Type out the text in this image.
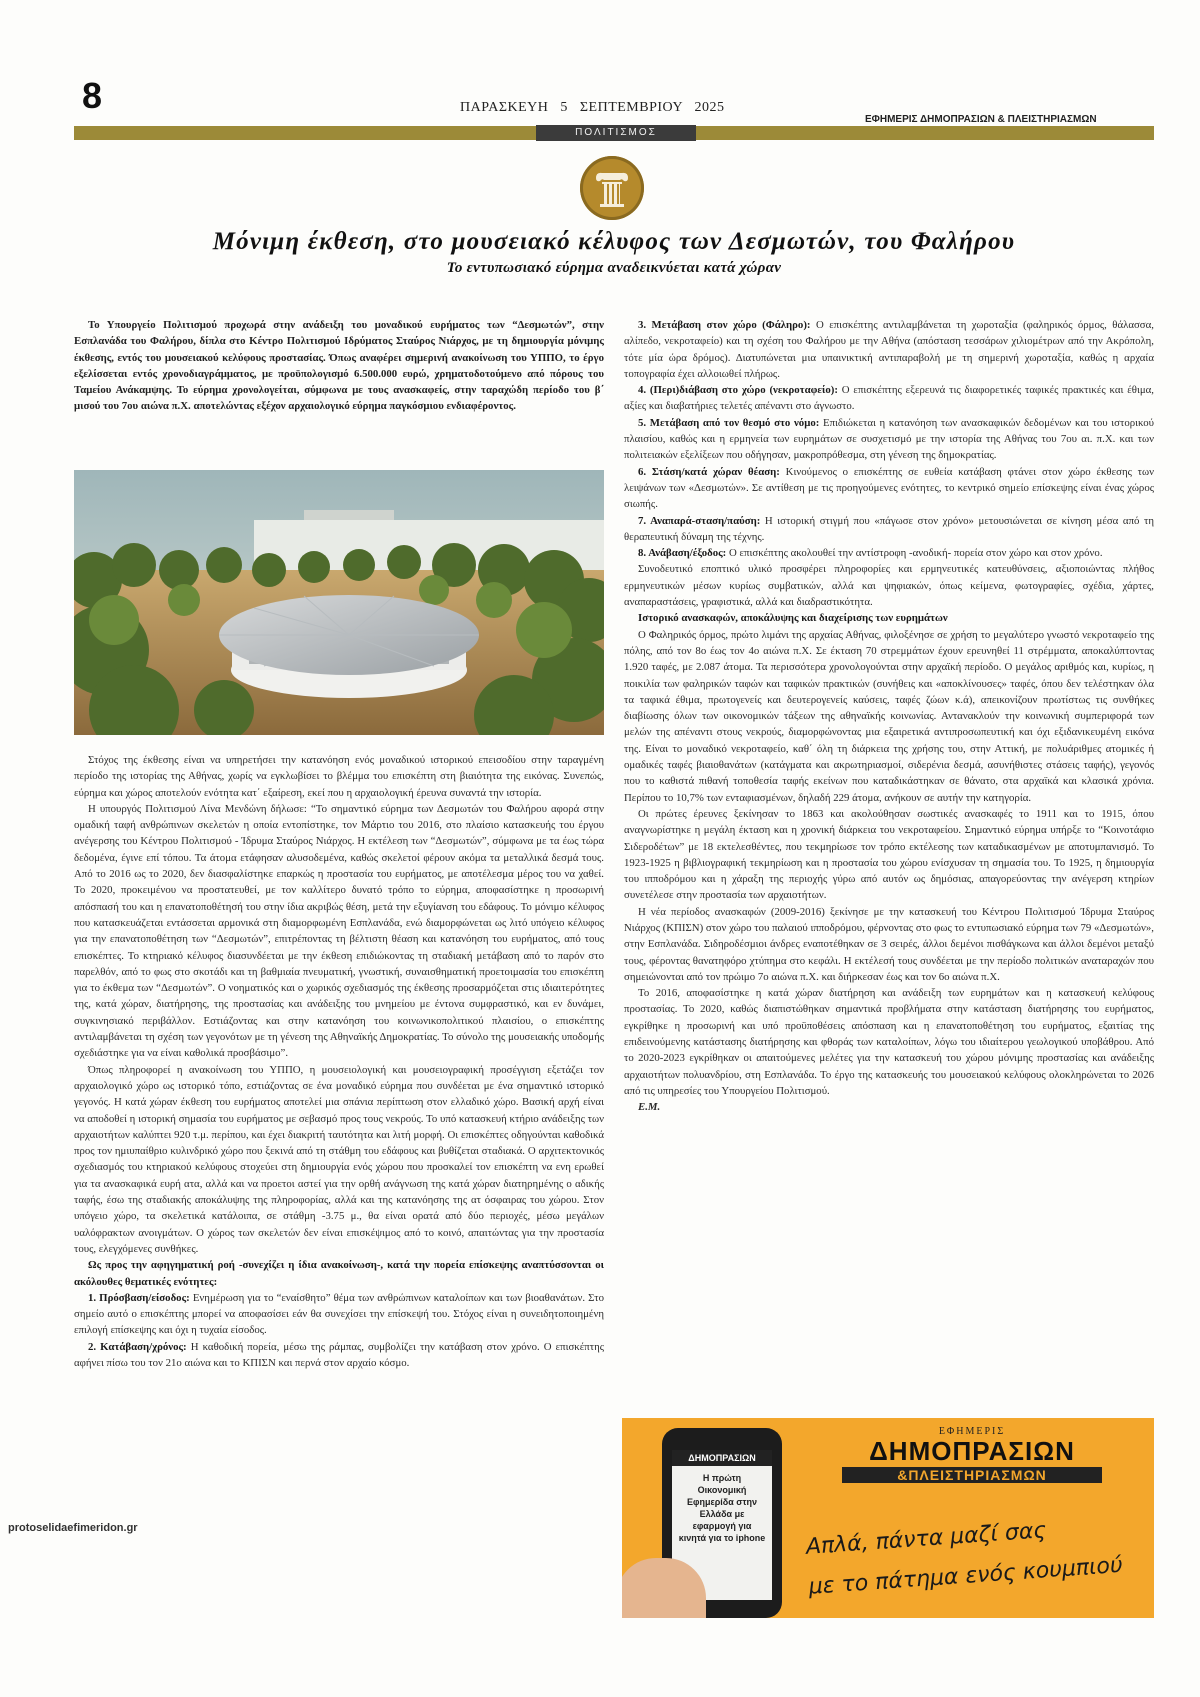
8	ΠΑΡΑΣΚΕΥΗ   5   ΣΕΠΤΕΜΒΡΙΟΥ   2025
ΕΦΗΜΕΡΙΣ ΔΗΜΟΠΡΑΣΙΩΝ & ΠΛΕΙΣΤΗΡΙΑΣΜΩΝ
ΠΟΛΙΤΙΣΜΟΣ
Μόνιμη έκθεση, στο μουσειακό κέλυφος των Δεσμωτών, του Φαλήρου
Το εντυπωσιακό εύρημα αναδεικνύεται κατά χώραν

Το Υπουργείο Πολιτισμού προχωρά στην ανάδειξη του μοναδικού ευρήματος των “Δεσμωτών”, στην Εσπλανάδα του Φαλήρου, δίπλα στο Κέντρο Πολιτισμού Ιδρύματος Σταύρος Νιάρχος, με τη δημιουργία μόνιμης έκθεσης, εντός του μουσειακού κελύφους προστασίας. Όπως αναφέρει σημερινή ανακοίνωση του ΥΠΠΟ, το έργο εξελίσσεται εντός χρονοδιαγράμματος, με προϋπολογισμό 6.500.000 ευρώ, χρηματοδοτούμενο από πόρους του Ταμείου Ανάκαμψης. Το εύρημα χρονολογείται, σύμφωνα με τους ανασκαφείς, στην ταραχώδη περίοδο του β΄ μισού του 7ου αιώνα π.Χ. αποτελώντας εξέχον αρχαιολογικό εύρημα παγκόσμιου ενδιαφέροντος.

Στόχος της έκθεσης είναι να υπηρετήσει την κατανόηση ενός μοναδικού ιστορικού επεισοδίου στην ταραγμένη περίοδο της ιστορίας της Αθήνας, χωρίς να εγκλωβίσει το βλέμμα του επισκέπτη στη βιαιότητα της εικόνας. Συνεπώς, εύρημα και χώρος αποτελούν ενότητα κατ΄ εξαίρεση, εκεί που η αρχαιολογική έρευνα συναντά την ιστορία.

Η υπουργός Πολιτισμού Λίνα Μενδώνη δήλωσε: “Το σημαντικό εύρημα των Δεσμωτών του Φαλήρου αφορά στην ομαδική ταφή ανθρώπινων σκελετών η οποία εντοπίστηκε, τον Μάρτιο του 2016, στο πλαίσιο κατασκευής του έργου ανέγερσης του Κέντρου Πολιτισμού - Ίδρυμα Σταύρος Νιάρχος. Η εκτέλεση των “Δεσμωτών”, σύμφωνα με τα έως τώρα δεδομένα, έγινε επί τόπου. Τα άτομα ετάφησαν αλυσοδεμένα, καθώς σκελετοί φέρουν ακόμα τα μεταλλικά δεσμά τους. Από το 2016 ως το 2020, δεν διασφαλίστηκε επαρκώς η προστασία του ευρήματος, με αποτέλεσμα μέρος του να χαθεί. Το 2020, προκειμένου να προστατευθεί, με τον καλλίτερο δυνατό τρόπο το εύρημα, αποφασίστηκε η προσωρινή απόσπασή του και η επανατοποθέτησή του στην ίδια ακριβώς θέση, μετά την εξυγίανση του εδάφους. Το μόνιμο κέλυφος που κατασκευάζεται εντάσσεται αρμονικά στη διαμορφωμένη Εσπλανάδα, ενώ διαμορφώνεται ως λιτό υπόγειο κέλυφος για την επανατοποθέτηση των “Δεσμωτών”, επιτρέποντας τη βέλτιστη θέαση και κατανόηση του ευρήματος, από τους επισκέπτες. Το κτηριακό κέλυφος διασυνδέεται με την έκθεση επιδιώκοντας τη σταδιακή μετάβαση από το παρόν στο παρελθόν, από το φως στο σκοτάδι και τη βαθμιαία πνευματική, γνωστική, συναισθηματική προετοιμασία του επισκέπτη για το έκθεμα των “Δεσμωτών”. Ο νοηματικός και ο χωρικός σχεδιασμός της έκθεσης προσαρμόζεται στις ιδιαιτερότητες της, κατά χώραν, διατήρησης, της προστασίας και ανάδειξης του μνημείου με έντονα συμφραστικό, και εν δυνάμει, συγκινησιακό περιβάλλον. Εστιάζοντας και στην κατανόηση του κοινωνικοπολιτικού πλαισίου, ο επισκέπτης αντιλαμβάνεται τη σχέση των γεγονότων με τη γένεση της Αθηναϊκής Δημοκρατίας. Το σύνολο της μουσειακής υποδομής σχεδιάστηκε για να είναι καθολικά προσβάσιμο”.

Όπως πληροφορεί η ανακοίνωση του ΥΠΠΟ, η μουσειολογική και μουσειογραφική προσέγγιση εξετάζει τον αρχαιολογικό χώρο ως ιστορικό τόπο, εστιάζοντας σε ένα μοναδικό εύρημα που συνδέεται με ένα σημαντικό ιστορικό γεγονός. Η κατά χώραν έκθεση του ευρήματος αποτελεί μια σπάνια περίπτωση στον ελλαδικό χώρο. Βασική αρχή είναι να αποδοθεί η ιστορική σημασία του ευρήματος με σεβασμό προς τους νεκρούς. Το υπό κατασκευή κτήριο ανάδειξης των αρχαιοτήτων καλύπτει 920 τ.μ. περίπου, και έχει διακριτή ταυτότητα και λιτή μορφή. Οι επισκέπτες οδηγούνται καθοδικά προς τον ημιυπαίθριο κυλινδρικό χώρο που ξεκινά από τη στάθμη του εδάφους και βυθίζεται σταδιακά. Ο αρχιτεκτονικός σχεδιασμός του κτηριακού κελύφους στοχεύει στη δημιουργία ενός χώρου που προσκαλεί τον επισκέπτη να ενη ερωθεί για τα ανασκαφικά ευρή ατα, αλλά και να προετοι αστεί για την ορθή ανάγνωση της κατά χώραν διατηρημένης ο αδικής ταφής, έσω της σταδιακής αποκάλυψης της πληροφορίας, αλλά και της κατανόησης της ατ όσφαιρας του χώρου. Στον υπόγειο χώρο, τα σκελετικά κατάλοιπα, σε στάθμη -3.75 μ., θα είναι ορατά από δύο περιοχές, μέσω μεγάλων υαλόφρακτων ανοιγμάτων. Ο χώρος των σκελετών δεν είναι επισκέψιμος από το κοινό, απαιτώντας για την προστασία τους, ελεγχόμενες συνθήκες.

Ως προς την αφηγηματική ροή -συνεχίζει η ίδια ανακοίνωση-, κατά την πορεία επίσκεψης αναπτύσσονται οι ακόλουθες θεματικές ενότητες:

1. Πρόσβαση/είσοδος: Ενημέρωση για το “εναίσθητο” θέμα των ανθρώπινων καταλοίπων και των βιοαθανάτων. Στο σημείο αυτό ο επισκέπτης μπορεί να αποφασίσει εάν θα συνεχίσει την επίσκεψή του. Στόχος είναι η συνειδητοποιημένη επιλογή επίσκεψης και όχι η τυχαία είσοδος.

2. Κατάβαση/χρόνος: Η καθοδική πορεία, μέσω της ράμπας, συμβολίζει την κατάβαση στον χρόνο. Ο επισκέπτης αφήνει πίσω του τον 21ο αιώνα και το ΚΠΙΣΝ και περνά στον αρχαίο κόσμο.

3. Μετάβαση στον χώρο (Φάληρο): Ο επισκέπτης αντιλαμβάνεται τη χωροταξία (φαληρικός όρμος, θάλασσα, αλίπεδο, νεκροταφείο) και τη σχέση του Φαλήρου με την Αθήνα (απόσταση τεσσάρων χιλιομέτρων από την Ακρόπολη, τότε μία ώρα δρόμος). Διατυπώνεται μια υπαινικτική αντιπαραβολή με τη σημερινή χωροταξία, καθώς η αρχαία τοπογραφία έχει αλλοιωθεί πλήρως.

4. (Περι)διάβαση στο χώρο (νεκροταφείο): Ο επισκέπτης εξερευνά τις διαφορετικές ταφικές πρακτικές και έθιμα, αξίες και διαβατήριες τελετές απέναντι στο άγνωστο.

5. Μετάβαση από τον θεσμό στο νόμο: Επιδιώκεται η κατανόηση των ανασκαφικών δεδομένων και του ιστορικού πλαισίου, καθώς και η ερμηνεία των ευρημάτων σε συσχετισμό με την ιστορία της Αθήνας του 7ου αι. π.Χ. και των πολιτειακών εξελίξεων που οδήγησαν, μακροπρόθεσμα, στη γένεση της δημοκρατίας.

6. Στάση/κατά χώραν θέαση: Κινούμενος ο επισκέπτης σε ευθεία κατάβαση φτάνει στον χώρο έκθεσης των λειψάνων των «Δεσμωτών». Σε αντίθεση με τις προηγούμενες ενότητες, το κεντρικό σημείο επίσκεψης είναι ένας χώρος σιωπής.

7. Αναπαρά-σταση/παύση: Η ιστορική στιγμή που «πάγωσε στον χρόνο» μετουσιώνεται σε κίνηση μέσα από τη θεραπευτική δύναμη της τέχνης.

8. Ανάβαση/έξοδος: Ο επισκέπτης ακολουθεί την αντίστροφη -ανοδική- πορεία στον χώρο και στον χρόνο.

Συνοδευτικό εποπτικό υλικό προσφέρει πληροφορίες και ερμηνευτικές κατευθύνσεις, αξιοποιώντας πλήθος ερμηνευτικών μέσων κυρίως συμβατικών, αλλά και ψηφιακών, όπως κείμενα, φωτογραφίες, σχέδια, χάρτες, αναπαραστάσεις, γραφιστικά, αλλά και διαδραστικότητα.

Ιστορικό ανασκαφών, αποκάλυψης και διαχείρισης των ευρημάτων

Ο Φαληρικός όρμος, πρώτο λιμάνι της αρχαίας Αθήνας, φιλοξένησε σε χρήση το μεγαλύτερο γνωστό νεκροταφείο της πόλης, από τον 8ο έως τον 4ο αιώνα π.Χ. Σε έκταση 70 στρεμμάτων έχουν ερευνηθεί 11 στρέμματα, αποκαλύπτοντας 1.920 ταφές, με 2.087 άτομα. Τα περισσότερα χρονολογούνται στην αρχαϊκή περίοδο. Ο μεγάλος αριθμός και, κυρίως, η ποικιλία των φαληρικών ταφών και ταφικών πρακτικών (συνήθεις και «αποκλίνουσες» ταφές, όπου δεν τελέστηκαν όλα τα ταφικά έθιμα, πρωτογενείς και δευτερογενείς καύσεις, ταφές ζώων κ.ά), απεικονίζουν πρωτίστως τις συνθήκες διαβίωσης όλων των οικονομικών τάξεων της αθηναϊκής κοινωνίας. Αντανακλούν την κοινωνική συμπεριφορά των μελών της απέναντι στους νεκρούς, διαμορφώνοντας μια εξαιρετικά αντιπροσωπευτική και όχι εξιδανικευμένη εικόνα της. Είναι το μοναδικό νεκροταφείο, καθ΄ όλη τη διάρκεια της χρήσης του, στην Αττική, με πολυάριθμες ατομικές ή ομαδικές ταφές βιαιοθανάτων (κατάγματα και ακρωτηριασμοί, σιδερένια δεσμά, ασυνήθιστες στάσεις ταφής), γεγονός που το καθιστά πιθανή τοποθεσία ταφής εκείνων που καταδικάστηκαν σε θάνατο, στα αρχαϊκά και κλασικά χρόνια. Περίπου το 10,7% των ενταφιασμένων, δηλαδή 229 άτομα, ανήκουν σε αυτήν την κατηγορία.

Οι πρώτες έρευνες ξεκίνησαν το 1863 και ακολούθησαν σωστικές ανασκαφές το 1911 και το 1915, όπου αναγνωρίστηκε η μεγάλη έκταση και η χρονική διάρκεια του νεκροταφείου. Σημαντικό εύρημα υπήρξε το “Κοινοτάφιο Σιδεροδέτων” με 18 εκτελεσθέντες, που τεκμηρίωσε τον τρόπο εκτέλεσης των καταδικασμένων με αποτυμπανισμό. Το 1923-1925 η βιβλιογραφική τεκμηρίωση και η προστασία του χώρου ενίσχυσαν τη σημασία του. Το 1925, η δημιουργία του ιπποδρόμου και η χάραξη της περιοχής γύρω από αυτόν ως δημόσιας, απαγορεύοντας την ανέγερση κτηρίων συνετέλεσε στην προστασία των αρχαιοτήτων.

Η νέα περίοδος ανασκαφών (2009-2016) ξεκίνησε με την κατασκευή του Κέντρου Πολιτισμού Ίδρυμα Σταύρος Νιάρχος (ΚΠΙΣΝ) στον χώρο του παλαιού ιπποδρόμου, φέρνοντας στο φως το εντυπωσιακό εύρημα των 79 «Δεσμωτών», στην Εσπλανάδα. Σιδηροδέσμιοι άνδρες εναποτέθηκαν σε 3 σειρές, άλλοι δεμένοι πισθάγκωνα και άλλοι δεμένοι μεταξύ τους, φέροντας θανατηφόρο χτύπημα στο κεφάλι. Η εκτέλεσή τους συνδέεται με την περίοδο πολιτικών αναταραχών που σημειώνονται από τον πρώιμο 7ο αιώνα π.Χ. και διήρκεσαν έως και τον 6ο αιώνα π.Χ.

Το 2016, αποφασίστηκε η κατά χώραν διατήρηση και ανάδειξη των ευρημάτων και η κατασκευή κελύφους προστασίας. Το 2020, καθώς διαπιστώθηκαν σημαντικά προβλήματα στην κατάσταση διατήρησης του ευρήματος, εγκρίθηκε η προσωρινή και υπό προϋποθέσεις απόσπαση και η επανατοποθέτηση του ευρήματος, εξαιτίας της επιδεινούμενης κατάστασης διατήρησης και φθοράς των καταλοίπων, λόγω του ιδιαίτερου γεωλογικού υποβάθρου. Από το 2020-2023 εγκρίθηκαν οι απαιτούμενες μελέτες για την κατασκευή του χώρου μόνιμης προστασίας και ανάδειξης αρχαιοτήτων πολυανδρίου, στη Εσπλανάδα. Το έργο της κατασκευής του μουσειακού κελύφους ολοκληρώνεται το 2026 από τις υπηρεσίες του Υπουργείου Πολιτισμού.

Ε.Μ.

ΕΦΗΜΕΡΙΣ
ΔΗΜΟΠΡΑΣΙΩΝ
&ΠΛΕΙΣΤΗΡΙΑΣΜΩΝ
ΔΗΜΟΠΡΑΣΙΩΝ
Η πρώτη Οικονομική Εφημερίδα στην Ελλάδα με εφαρμογή για κινητά για το iphone	Απλά, πάντα μαζί σας
με το πάτημα ενός κουμπιού
protoselidaefimeridon.gr
